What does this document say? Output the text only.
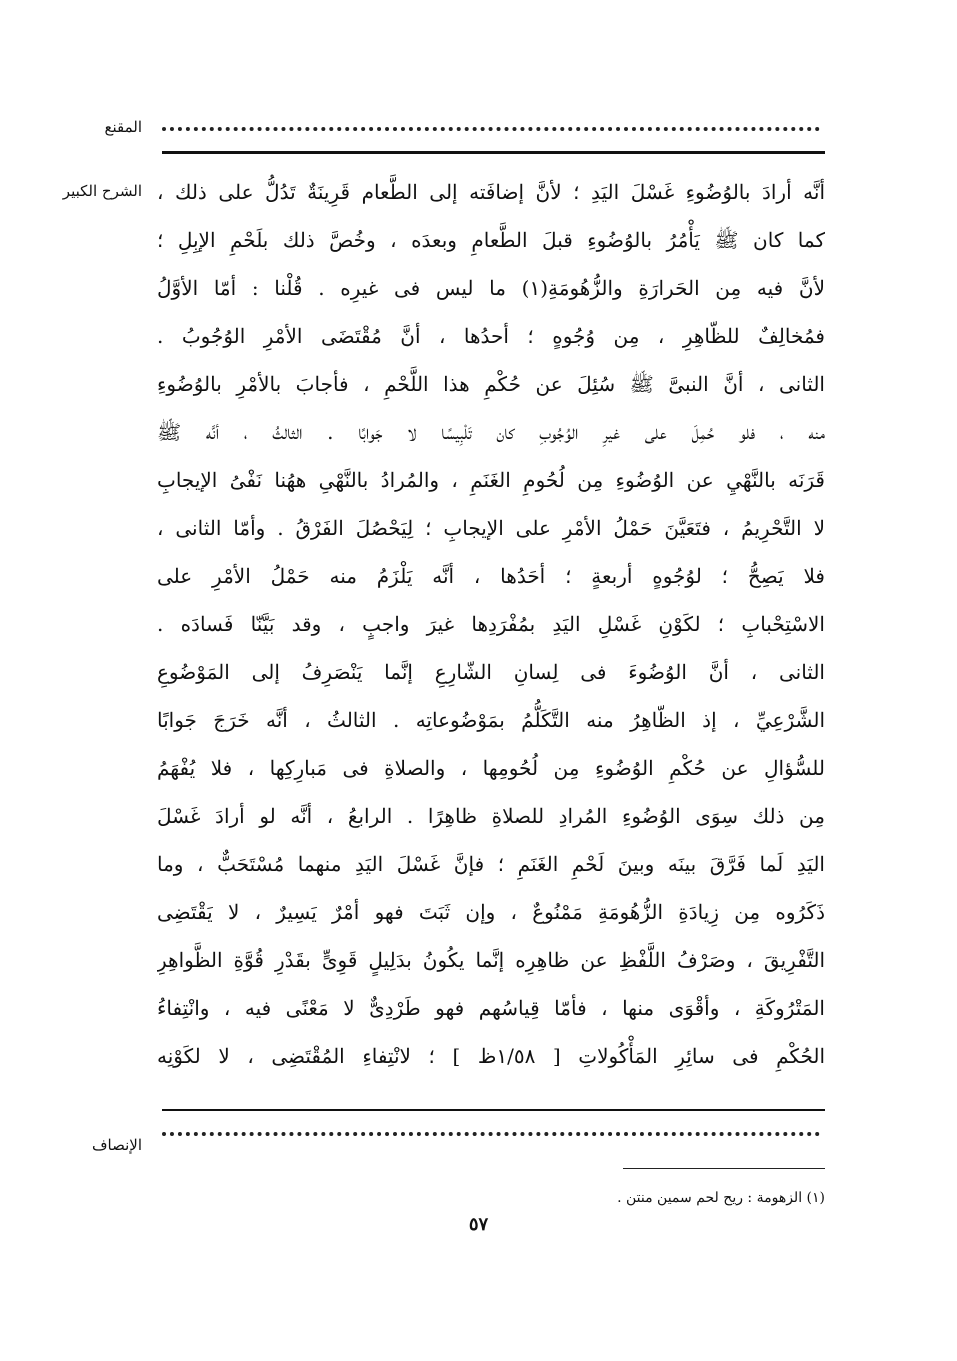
المقنع
الشرح الكبير أنَّه أرادَ بالوُضُوءِ غَسْلَ اليَدِ ؛ لأنَّ إضافَته إلى الطَّعام قَرِينَةٌ تَدُلُّ على ذلك ،
كما كان ﷺ يَأْمُرُ بالوُضُوءِ قبلَ الطَّعامِ وبعدَه ، وخُصَّ ذلك بلَحْمِ الإبِلِ ؛
لأنَّ فيه مِن الحَرارَةِ والزُّهُومَةِ(١) ما ليس فى غيرِه . قُلْنا : أمّا الأوَّلُ
فمُخالِفٌ للظّاهِرِ ، مِن وُجُوهٍ ؛ أحدُها ، أنَّ مُقْتَضَى الأمْرِ الوُجُوبُ .
الثانى ، أنَّ النبىَّ ﷺ سُئِلَ عن حُكْمِ هذا اللَّحْمِ ، فأجابَ بالأمْرِ بالوُضُوءِ
منه ، فلو حُمِلَ على غيرِ الوُجُوبِ كان تَلْبِيسًا لا جَوابًا . الثالثُ ، أنَّه ﷺ
قَرَنَه بالنَّهْيِ عن الوُضُوءِ مِن لُحُومِ الغَنَمِ ، والمُرادُ بالنَّهْىِ ههُنا نَفْىُ الإيجابِ
لا التَّحْرِيمُ ، فتَعَيَّنَ حَمْلُ الأمْرِ على الإيجابِ ؛ لِيَحْصُلَ الفَرْقُ . وأمّا الثانى ،
فلا يَصِحُّ ؛ لوُجُوهٍ أربعةٍ ؛ أحَدُها ، أنَّه يَلْزَمُ منه حَمْلُ الأمْرِ على
الاسْتِحْبابِ ؛ لكَوْنِ غَسْلِ اليَدِ بمُفْرَدِها غيرَ واجبٍ ، وقد بَيَّنّا فَسادَه .
الثانى ، أنَّ الوُضُوءَ فى لِسانِ الشّارِعِ إنَّما يَنْصَرِفُ إلى المَوْضُوعِ
الشَّرْعِيِّ ، إذ الظّاهِرُ منه التَّكَلُّمُ بمَوْضُوعاتِه . الثالثُ ، أنَّه خَرَجَ جَوابًا
للسُّؤالِ عن حُكْمِ الوُضُوءِ مِن لُحُومِها ، والصلاةِ فى مَبارِكِها ، فلا يُفْهَمُ
مِن ذلك سِوَى الوُضُوءِ المُرادِ للصلاةِ ظاهِرًا . الرابعُ ، أنَّه لو أرادَ غَسْلَ
اليَدِ لَما فَرَّقَ بينَه وبينَ لَحْمِ الغَنَمِ ؛ فإنَّ غَسْلَ اليَدِ منهما مُسْتَحَبٌّ ، وما
ذَكَرُوه مِن زِيادَةِ الزُّهُومَةِ مَمْنُوعٌ ، وإن ثَبَتَ فهو أمْرٌ يَسِيرٌ ، لا يَقْتَضِى
التَّفْرِيقَ ، وصَرْفُ اللَّفْظِ عن ظاهِرِه إنَّما يكُونُ بدَلِيلٍ قَوِىٍّ بقَدْرِ قُوَّةِ الظَّواهِرِ
المَتْرُوكَةِ ، وأقْوَى منها ، فأمّا قِياسُهم فهو طَرْدِىٌّ لا مَعْنًى فيه ، وانْتِفاءُ
الحُكْمِ فى سائِرِ المَأْكُولاتِ [ ١/٥٨ظ ] ؛ لانْتِفاءِ المُقْتَضِى ، لا لكَوْنِه
الإنصاف
(١) الزهومة : ريح لحم سمين منتن .
٥٧
